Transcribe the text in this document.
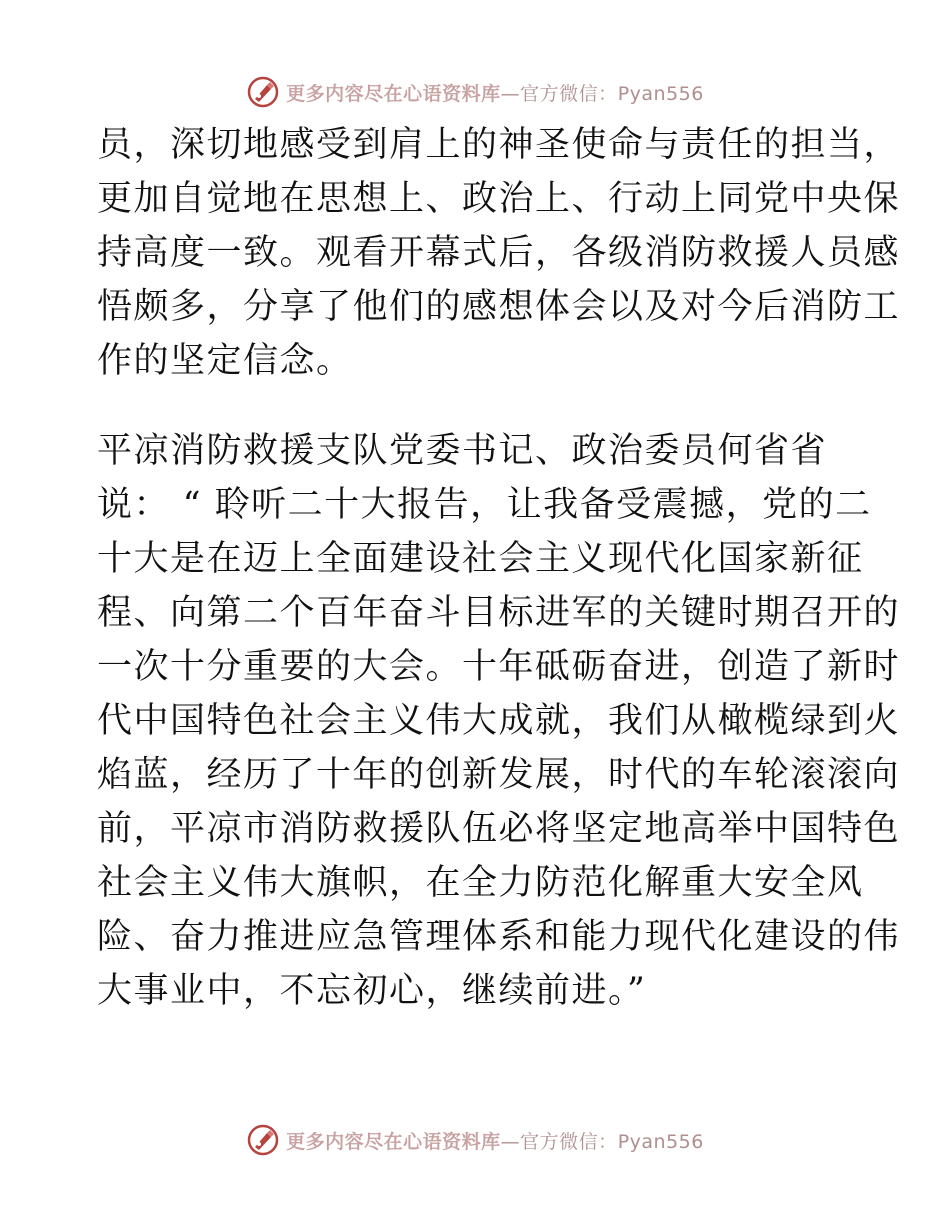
更多内容尽在心语资料库—官方微信：Pyan556
员，深切地感受到肩上的神圣使命与责任的担当，
更加自觉地在思想上、政治上、行动上同党中央保
持高度一致。观看开幕式后，各级消防救援人员感
悟颇多，分享了他们的感想体会以及对今后消防工
作的坚定信念。
平凉消防救援支队党委书记、政治委员何省省
说： “ 聆听二十大报告，让我备受震撼，党的二
十大是在迈上全面建设社会主义现代化国家新征
程、向第二个百年奋斗目标进军的关键时期召开的
一次十分重要的大会。十年砥砺奋进，创造了新时
代中国特色社会主义伟大成就，我们从橄榄绿到火
焰蓝，经历了十年的创新发展，时代的车轮滚滚向
前，平凉市消防救援队伍必将坚定地高举中国特色
社会主义伟大旗帜，在全力防范化解重大安全风
险、奋力推进应急管理体系和能力现代化建设的伟
大事业中，不忘初心，继续前进。”
更多内容尽在心语资料库—官方微信：Pyan556
